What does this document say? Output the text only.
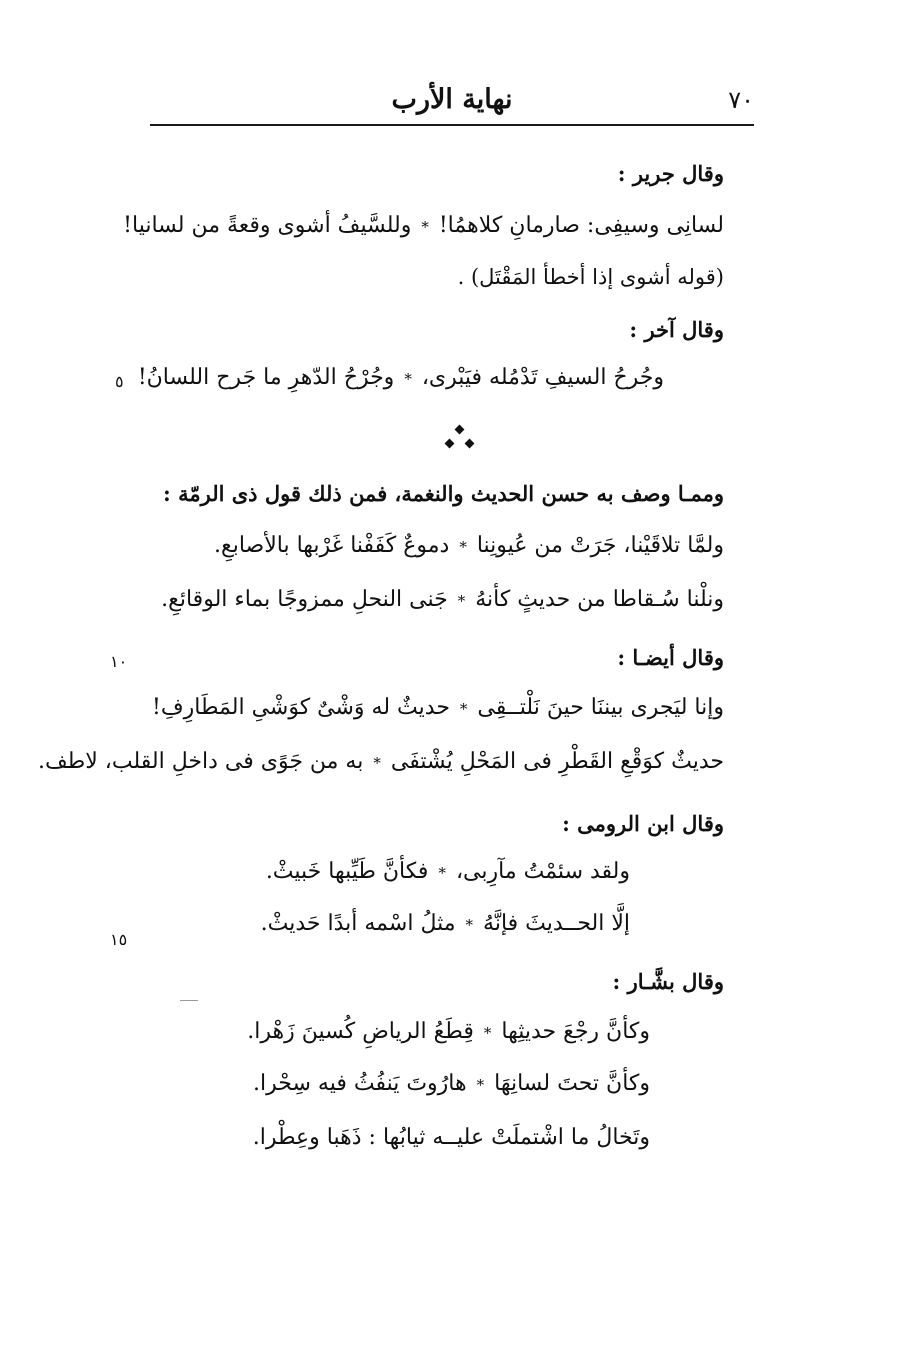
نهاية الأرب	٧٠
وقال جرير :
لسانِى وسيفِى: صارمانِ كلاهمُا!*وللسَّيفُ أشوى وقعةً من لسانيا!
(قوله أشوى إذا أخطأ المَقْتَل) .
وقال آخر :
وجُرحُ السيفِ تَدْمُله فيَبْرى،*وجُرْحُ الدّهرِ ما جَرح اللسانُ!
٥
وممـا وصف به حسن الحديث والنغمة، فمن ذلك قول ذى الرمّة :
ولمَّا تلاقَيْنا، جَرَتْ من عُيونِنا*دموعٌ كَفَفْنا غَرْبها بالأصابعِ.
ونلْنا سُـقاطا من حديثٍ كأنهُ*جَنى النحلِ ممزوجًا بماء الوقائعِ.
وقال أيضـا :
١٠
وإنا ليَجرى بيننَا حينَ نَلْتــقِى*حديثٌ له وَشْىٌ كوَشْىِ المَطَارِفِ!
حديثٌ كوَقْعِ القَطْرِ فى المَحْلِ يُشْتفَى*به من جَوًى فى داخلِ القلب، لاطف.
وقال ابن الرومى :
ولقد سئمْتُ مآرِبى،*فكأنَّ طَيِّبها خَبيثْ.
إلَّا الحــديثَ فإنَّهُ*مثلُ اسْمه أبدًا حَديثْ.
١٥
وقال بشَّـار :
وكأنَّ رجْعَ حديثِها*قِطَعُ الرياضِ كُسينَ زَهْرا.
وكأنَّ تحتَ لسانِهَا*هارُوتَ يَنفُثُ فيه سِحْرا.
وتَخالُ ما اشْتملَتْ عليــه ثيابُها : ذَهَبا وعِطْرا.
